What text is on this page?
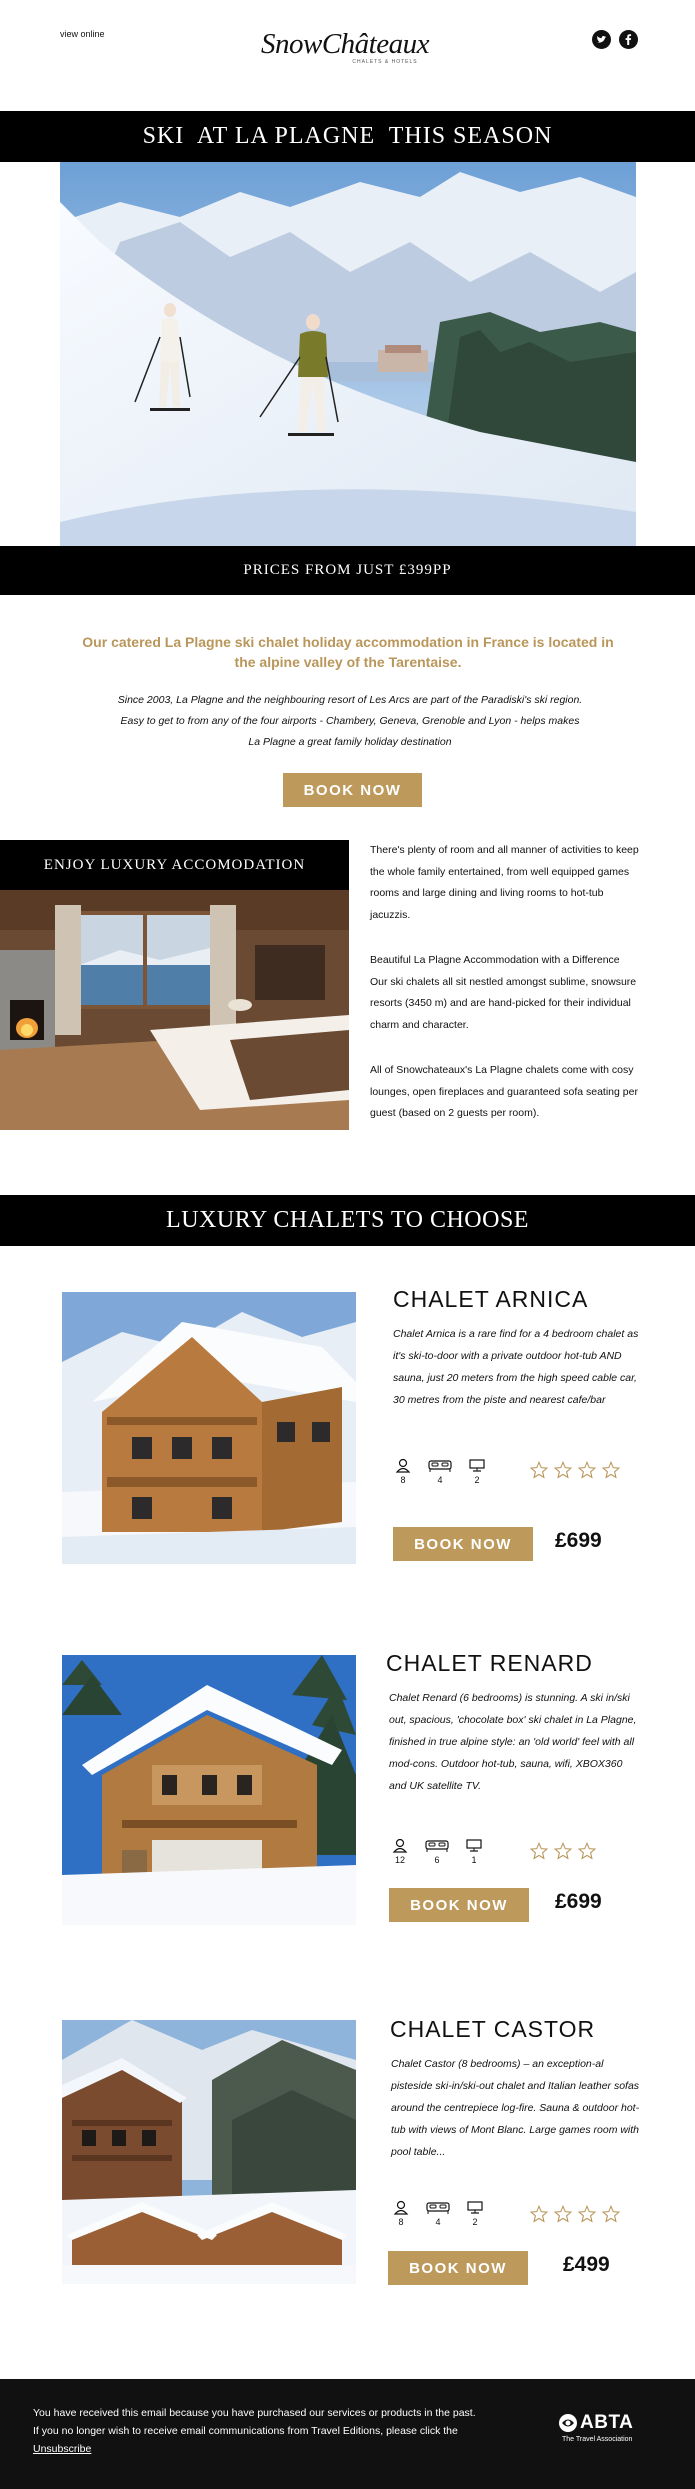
view online	SnowChâteaux
CHALETS & HOTELS
SKI  AT LA PLAGNE  THIS SEASON
PRICES FROM JUST £399PP
Our catered La Plagne ski chalet holiday accommodation in France is located in the alpine valley of the Tarentaise.
Since 2003, La Plagne and the neighbouring resort of Les Arcs are part of the Paradiski's ski region. Easy to get to from any of the four airports - Chambery, Geneva, Grenoble and Lyon - helps makes La Plagne a great family holiday destination
BOOK NOW
ENJOY LUXURY ACCOMODATION
There's plenty of room and all manner of activities to keep the whole family entertained, from well equipped games rooms and large dining and living rooms to hot-tub jacuzzis.
Beautiful La Plagne Accommodation with a Difference Our ski chalets all sit nestled amongst sublime, snowsure resorts (3450 m) and are hand-picked for their individual charm and character.
All of Snowchateaux's La Plagne chalets come with cosy lounges, open fireplaces and guaranteed sofa seating per guest (based on 2 guests per room).
LUXURY CHALETS TO CHOOSE
CHALET ARNICA
Chalet Arnica is a rare find for a 4 bedroom chalet as it's ski-to-door with a private outdoor hot-tub AND sauna, just 20 meters from the high speed cable car, 30 metres from the piste and nearest cafe/bar
8	4	2
BOOK NOW £699
CHALET RENARD
Chalet Renard (6 bedrooms) is stunning. A ski in/ski out, spacious, 'chocolate box' ski chalet in La Plagne, finished in true alpine style: an 'old world' feel with all mod-cons. Outdoor hot-tub, sauna, wifi, XBOX360 and UK satellite TV.
12	6	1
BOOK NOW £699
CHALET CASTOR
Chalet Castor (8 bedrooms) – an exception-al pisteside ski-in/ski-out chalet and Italian leather sofas around the centrepiece log-fire. Sauna & outdoor hot-tub with views of Mont Blanc. Large games room with pool table...
8	4	2
BOOK NOW	£499
You have received this email because you have purchased our services or products in the past. If you no longer wish to receive email communications from Travel Editions, please click the Unsubscribe
ABTA
The Travel Association
